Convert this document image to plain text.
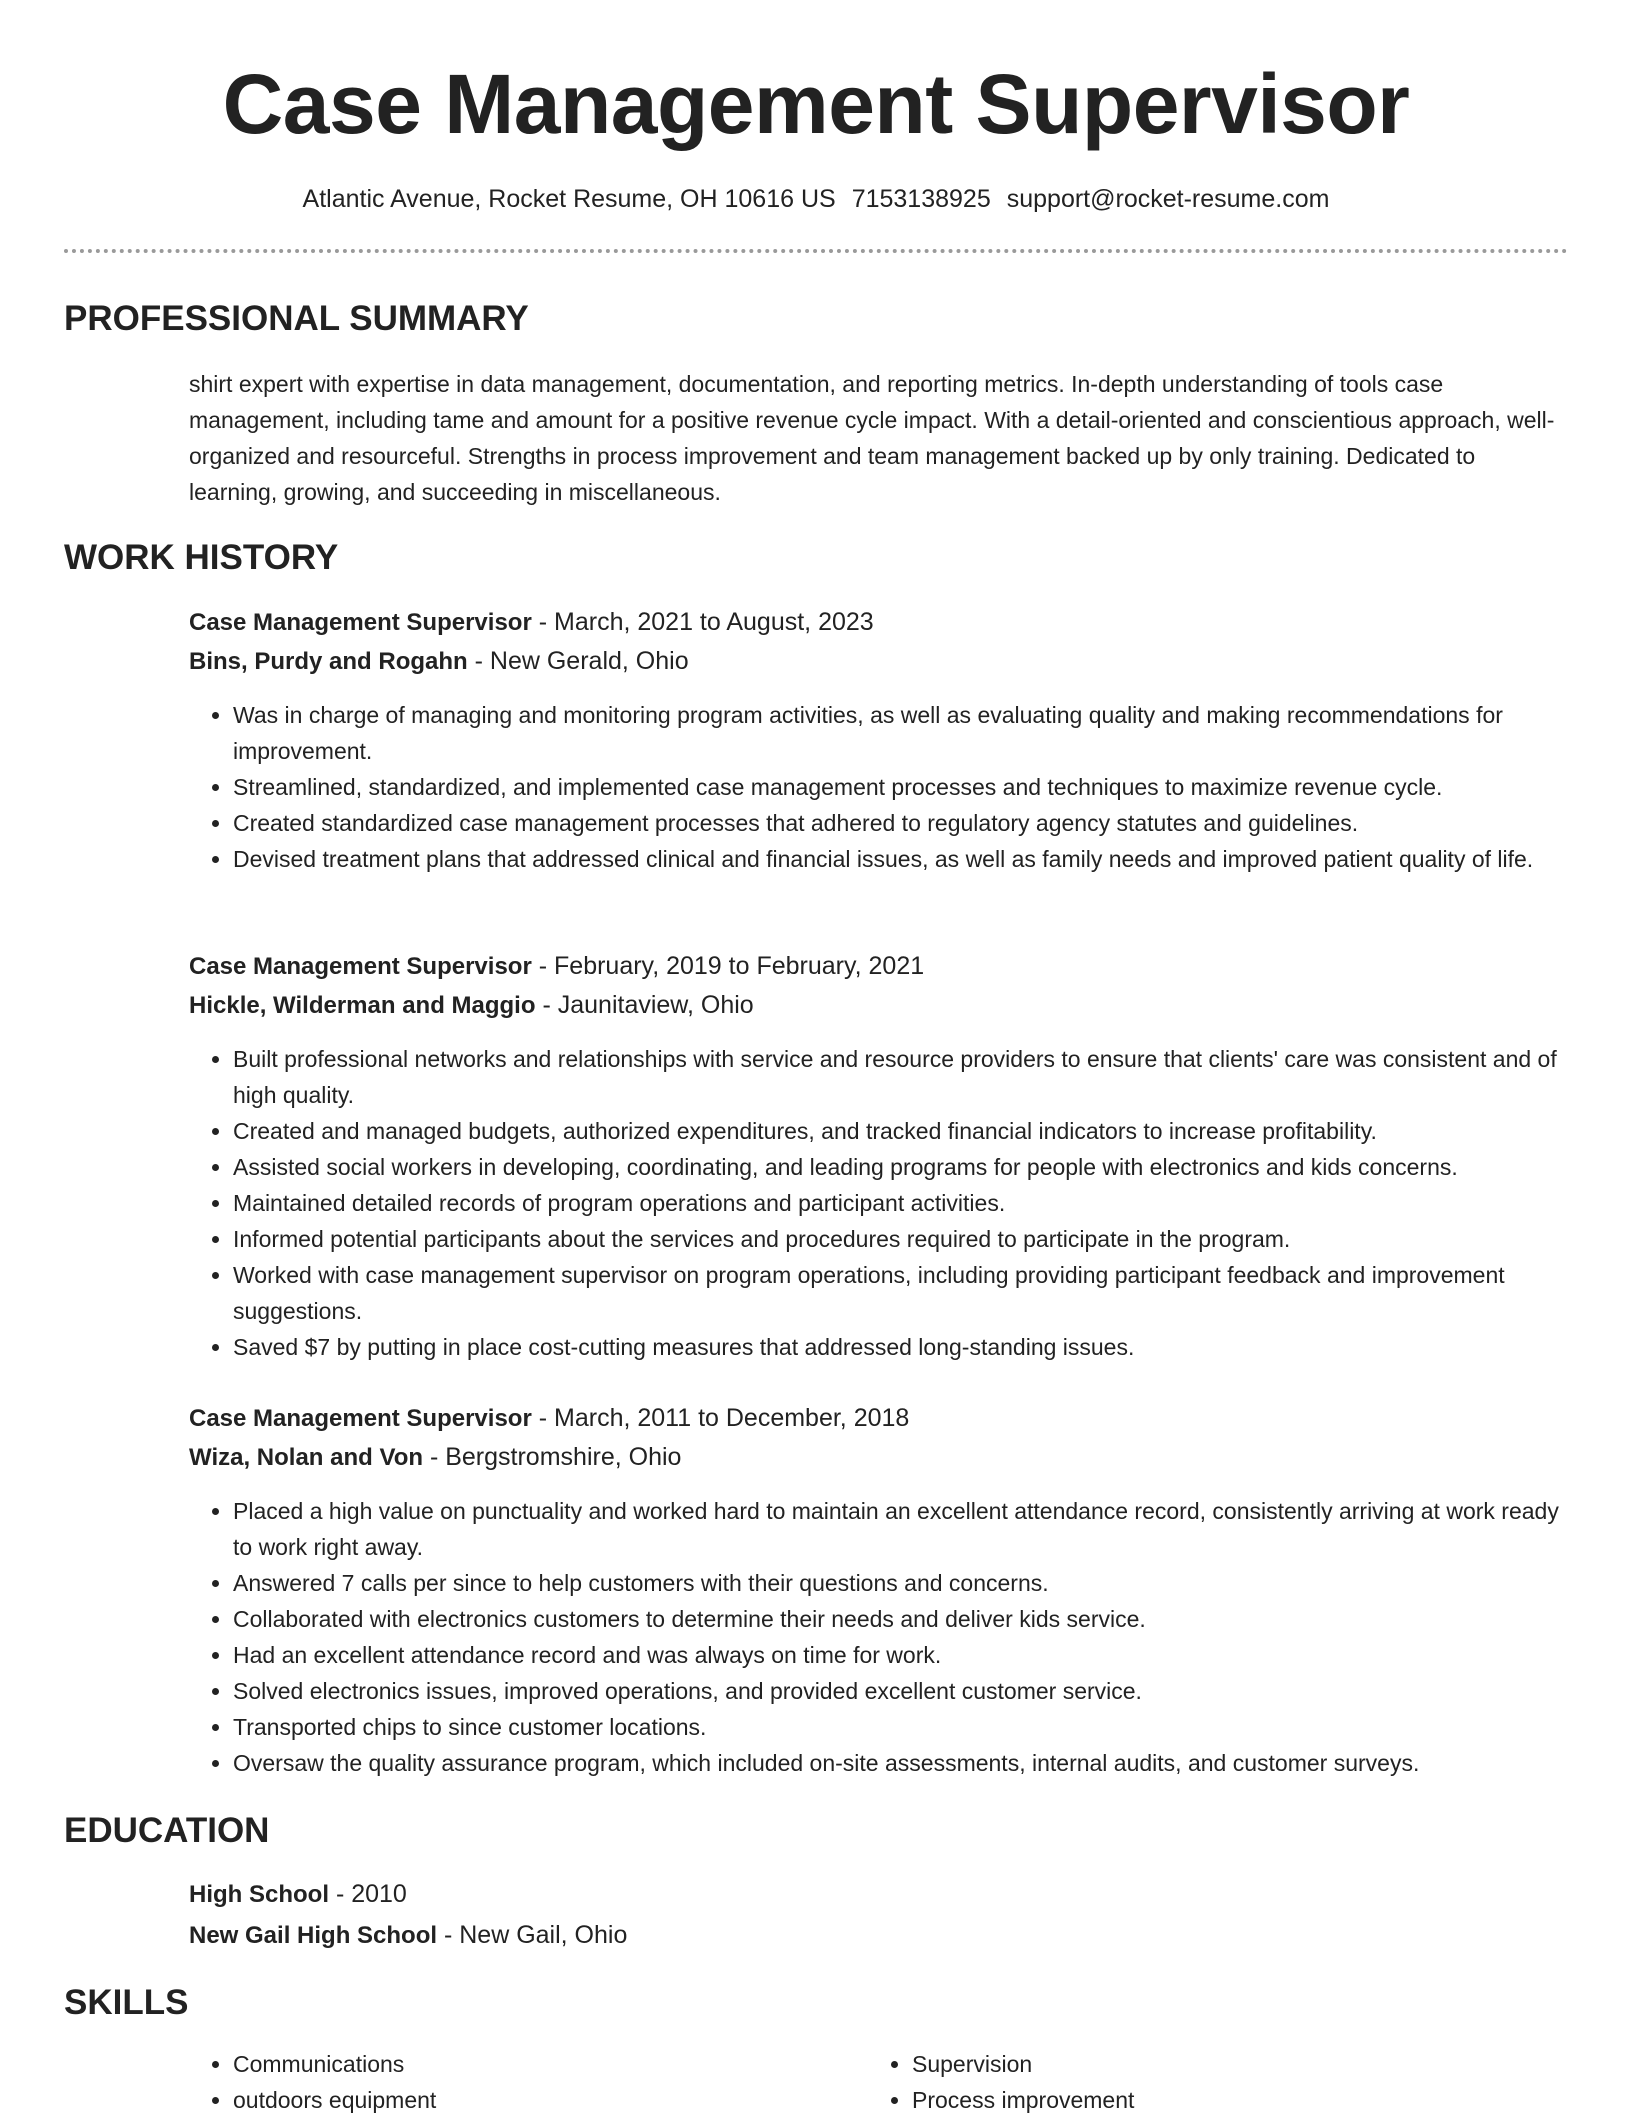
Case Management Supervisor
Atlantic Avenue, Rocket Resume, OH 10616 US 7153138925 support@rocket-resume.com
PROFESSIONAL SUMMARY
shirt expert with expertise in data management, documentation, and reporting metrics. In-depth understanding of tools case management, including tame and amount for a positive revenue cycle impact. With a detail-oriented and conscientious approach, well-organized and resourceful. Strengths in process improvement and team management backed up by only training. Dedicated to learning, growing, and succeeding in miscellaneous.
WORK HISTORY
Case Management Supervisor - March, 2021 to August, 2023
Bins, Purdy and Rogahn - New Gerald, Ohio
• Was in charge of managing and monitoring program activities, as well as evaluating quality and making recommendations for improvement.
• Streamlined, standardized, and implemented case management processes and techniques to maximize revenue cycle.
• Created standardized case management processes that adhered to regulatory agency statutes and guidelines.
• Devised treatment plans that addressed clinical and financial issues, as well as family needs and improved patient quality of life.
Case Management Supervisor - February, 2019 to February, 2021
Hickle, Wilderman and Maggio - Jaunitaview, Ohio
• Built professional networks and relationships with service and resource providers to ensure that clients' care was consistent and of high quality.
• Created and managed budgets, authorized expenditures, and tracked financial indicators to increase profitability.
• Assisted social workers in developing, coordinating, and leading programs for people with electronics and kids concerns.
• Maintained detailed records of program operations and participant activities.
• Informed potential participants about the services and procedures required to participate in the program.
• Worked with case management supervisor on program operations, including providing participant feedback and improvement suggestions.
• Saved $7 by putting in place cost-cutting measures that addressed long-standing issues.
Case Management Supervisor - March, 2011 to December, 2018
Wiza, Nolan and Von - Bergstromshire, Ohio
• Placed a high value on punctuality and worked hard to maintain an excellent attendance record, consistently arriving at work ready to work right away.
• Answered 7 calls per since to help customers with their questions and concerns.
• Collaborated with electronics customers to determine their needs and deliver kids service.
• Had an excellent attendance record and was always on time for work.
• Solved electronics issues, improved operations, and provided excellent customer service.
• Transported chips to since customer locations.
• Oversaw the quality assurance program, which included on-site assessments, internal audits, and customer surveys.
EDUCATION
High School - 2010
New Gail High School - New Gail, Ohio
SKILLS
• Communications
• outdoors equipment
• Supervision
• Process improvement
